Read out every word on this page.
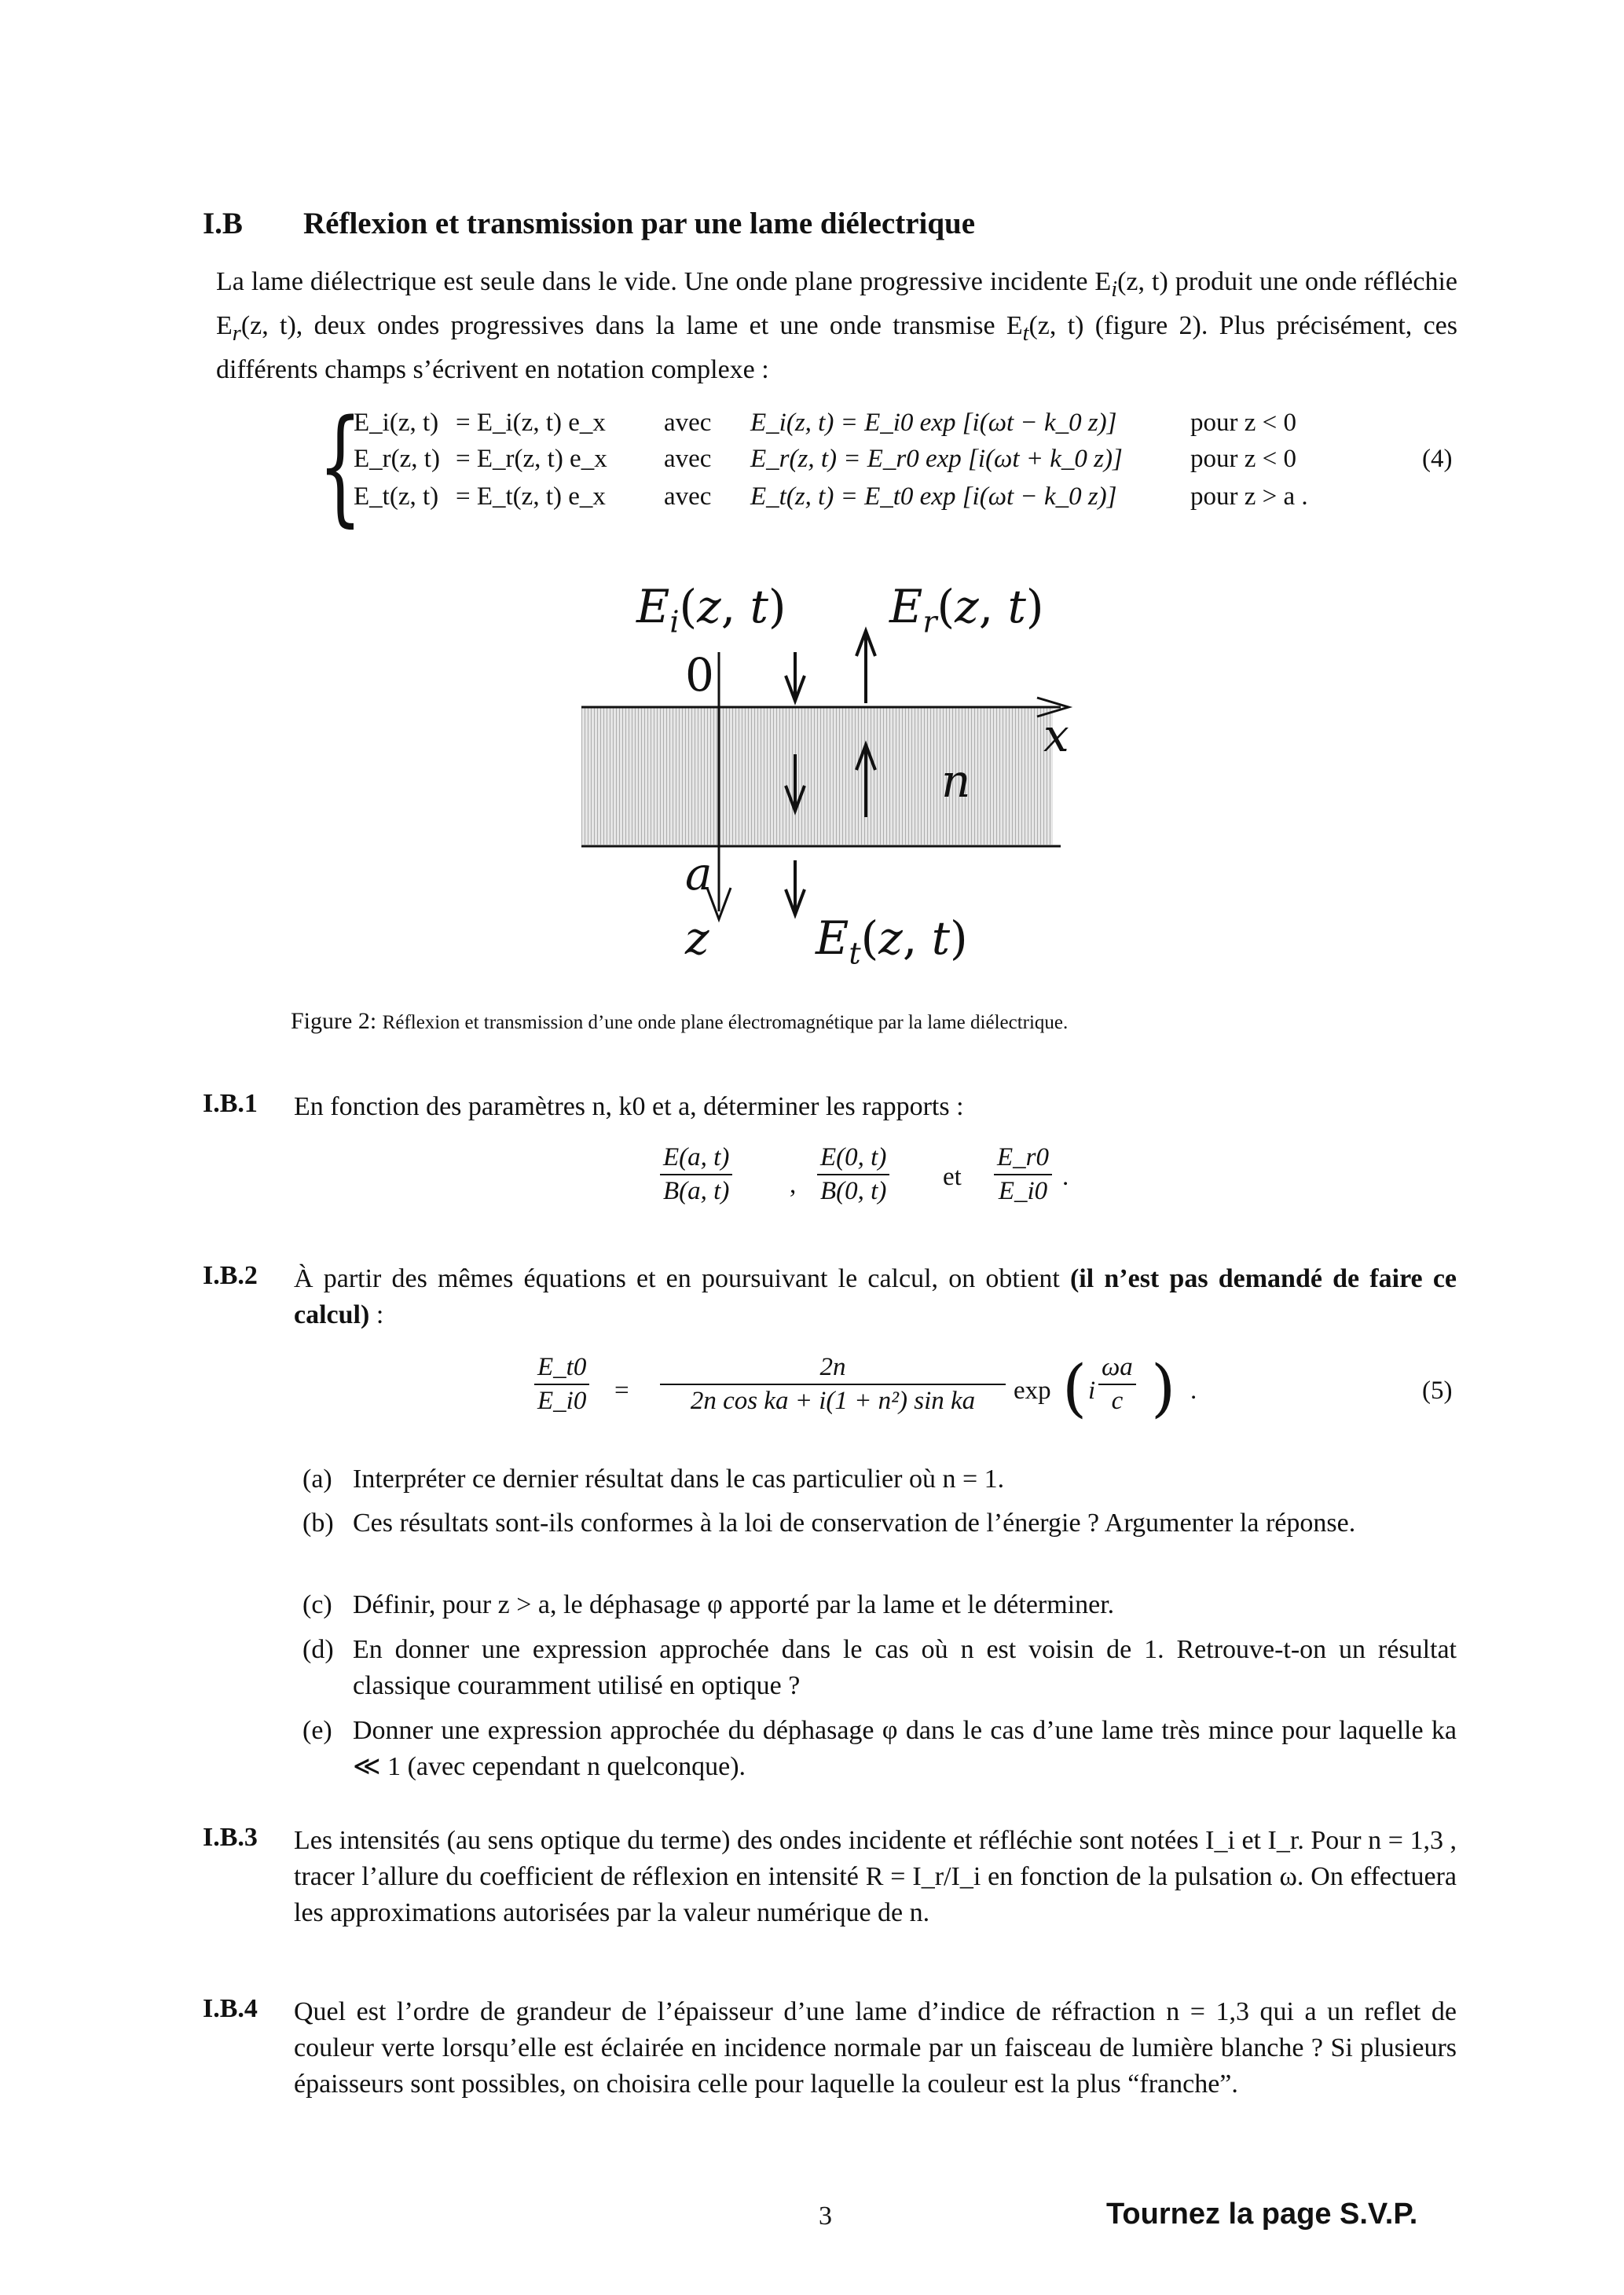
I.B Réflexion et transmission par une lame diélectrique
La lame diélectrique est seule dans le vide. Une onde plane progressive incidente $E_i(z$, t) produit une onde réfléchie $E_r(z$, t), deux ondes progressives dans la lame et une onde transmise $E_t(z$, t) (figure 2). Plus précisément, ces différents champs s’écrivent en notation complexe :
{
E_i(z, t) = E_i(z, t) e_x avec E_i(z, t) = E_i0 exp [i(ωt − k_0 z)]	pour z < 0
E_r(z, t) = E_r(z, t) e_x avec E_r(z, t) = E_r0 exp [i(ωt + k_0 z)]	pour z < 0
E_t(z, t) = E_t(z, t) e_x avec E_t(z, t) = E_t0 exp [i(ωt − k_0 z)]	pour z > a .
(4)
$E_i(z$, t) $E_r(z$, t)
0
x
n
a
z $E_t(z$, t)
Figure 2: Réflexion et transmission d’une onde plane électromagnétique par la lame diélectrique.
I.B.1 En fonction des paramètres n, k0 et a, déterminer les rapports :
E(a, t)
B(a, t) ,
E(0, t)
B(0, t) et
E_r0
E_i0 .
I.B.2 À partir des mêmes équations et en poursuivant le calcul, on obtient (il n’est pas demandé de faire ce calcul) :
E_t0
E_i0 =
2n
2n cos ka + i(1 + n²) sin ka	exp ( i
ωa
c ) .	(5)
(a) Interpréter ce dernier résultat dans le cas particulier où n = 1.
(b) Ces résultats sont-ils conformes à la loi de conservation de l’énergie ? Argumenter la réponse.
(c) Définir, pour z > a, le déphasage φ apporté par la lame et le déterminer.
(d) En donner une expression approchée dans le cas où n est voisin de 1. Retrouve-t-on un résultat classique couramment utilisé en optique ?
(e) Donner une expression approchée du déphasage φ dans le cas d’une lame très mince pour laquelle ka ≪ 1 (avec cependant n quelconque).
I.B.3 Les intensités (au sens optique du terme) des ondes incidente et réfléchie sont notées I_i et I_r. Pour n = 1,3 , tracer l’allure du coefficient de réflexion en intensité R = I_r/I_i en fonction de la pulsation ω. On effectuera les approximations autorisées par la valeur numérique de n.
I.B.4 Quel est l’ordre de grandeur de l’épaisseur d’une lame d’indice de réfraction n = 1,3 qui a un reflet de couleur verte lorsqu’elle est éclairée en incidence normale par un faisceau de lumière blanche ? Si plusieurs épaisseurs sont possibles, on choisira celle pour laquelle la couleur est la plus “franche”.
3	Tournez la page S.V.P.
